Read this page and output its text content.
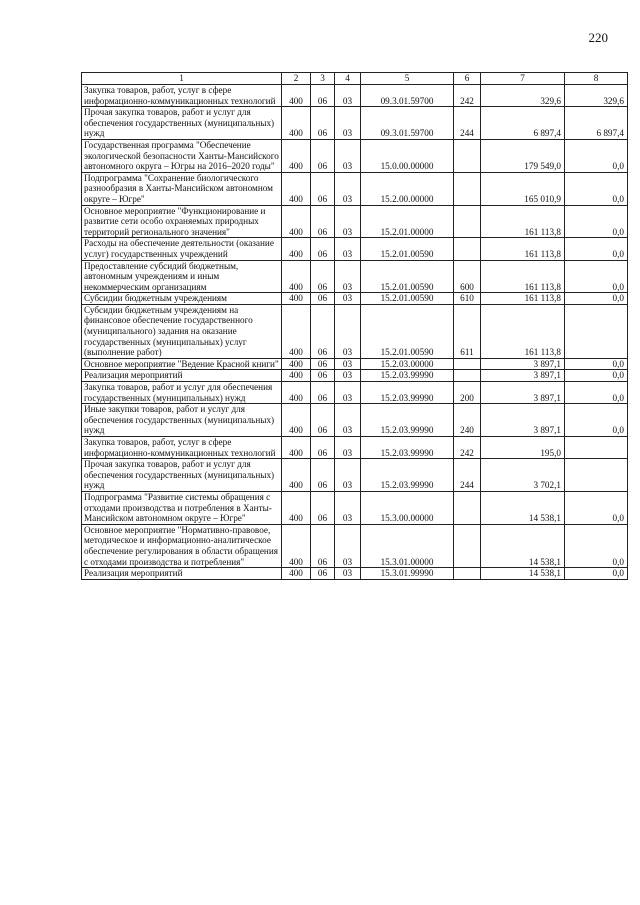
220
1	2	3	4	5	6	7	8
Закупка товаров, работ, услуг в сфере информационно-коммуникационных технологий	400	06	03	09.3.01.59700	242	329,6	329,6
Прочая закупка товаров, работ и услуг для обеспечения государственных (муниципальных) нужд	400	06	03	09.3.01.59700	244	6 897,4	6 897,4
Государственная программа "Обеспечение экологической безопасности Ханты-Мансийского автономного округа – Югры на 2016–2020 годы"	400	06	03	15.0.00.00000		179 549,0	0,0
Подпрограмма "Сохранение биологического разнообразия в Ханты-Мансийском автономном округе – Югре"	400	06	03	15.2.00.00000		165 010,9	0,0
Основное мероприятие "Функционирование и развитие сети особо охраняемых природных территорий регионального значения"	400	06	03	15.2.01.00000		161 113,8	0,0
Расходы на обеспечение деятельности (оказание услуг) государственных учреждений	400	06	03	15.2.01.00590		161 113,8	0,0
Предоставление субсидий бюджетным, автономным учреждениям и иным некоммерческим организациям	400	06	03	15.2.01.00590	600	161 113,8	0,0
Субсидии бюджетным учреждениям	400	06	03	15.2.01.00590	610	161 113,8	0,0
Субсидии бюджетным учреждениям на финансовое обеспечение государственного (муниципального) задания на оказание государственных (муниципальных) услуг (выполнение работ)	400	06	03	15.2.01.00590	611	161 113,8	
Основное мероприятие "Ведение Красной книги"	400	06	03	15.2.03.00000		3 897,1	0,0
Реализация мероприятий	400	06	03	15.2.03.99990		3 897,1	0,0
Закупка товаров, работ и услуг для обеспечения государственных (муниципальных) нужд	400	06	03	15.2.03.99990	200	3 897,1	0,0
Иные закупки товаров, работ и услуг для обеспечения государственных (муниципальных) нужд	400	06	03	15.2.03.99990	240	3 897,1	0,0
Закупка товаров, работ, услуг в сфере информационно-коммуникационных технологий	400	06	03	15.2.03.99990	242	195,0	
Прочая закупка товаров, работ и услуг для обеспечения государственных (муниципальных) нужд	400	06	03	15.2.03.99990	244	3 702,1	
Подпрограмма "Развитие системы обращения с отходами производства и потребления в Ханты-Мансийском автономном округе – Югре"	400	06	03	15.3.00.00000		14 538,1	0,0
Основное мероприятие "Нормативно-правовое, методическое и информационно-аналитическое обеспечение регулирования в области обращения с отходами производства и потребления"	400	06	03	15.3.01.00000		14 538,1	0,0
Реализация мероприятий	400	06	03	15.3.01.99990		14 538,1	0,0
